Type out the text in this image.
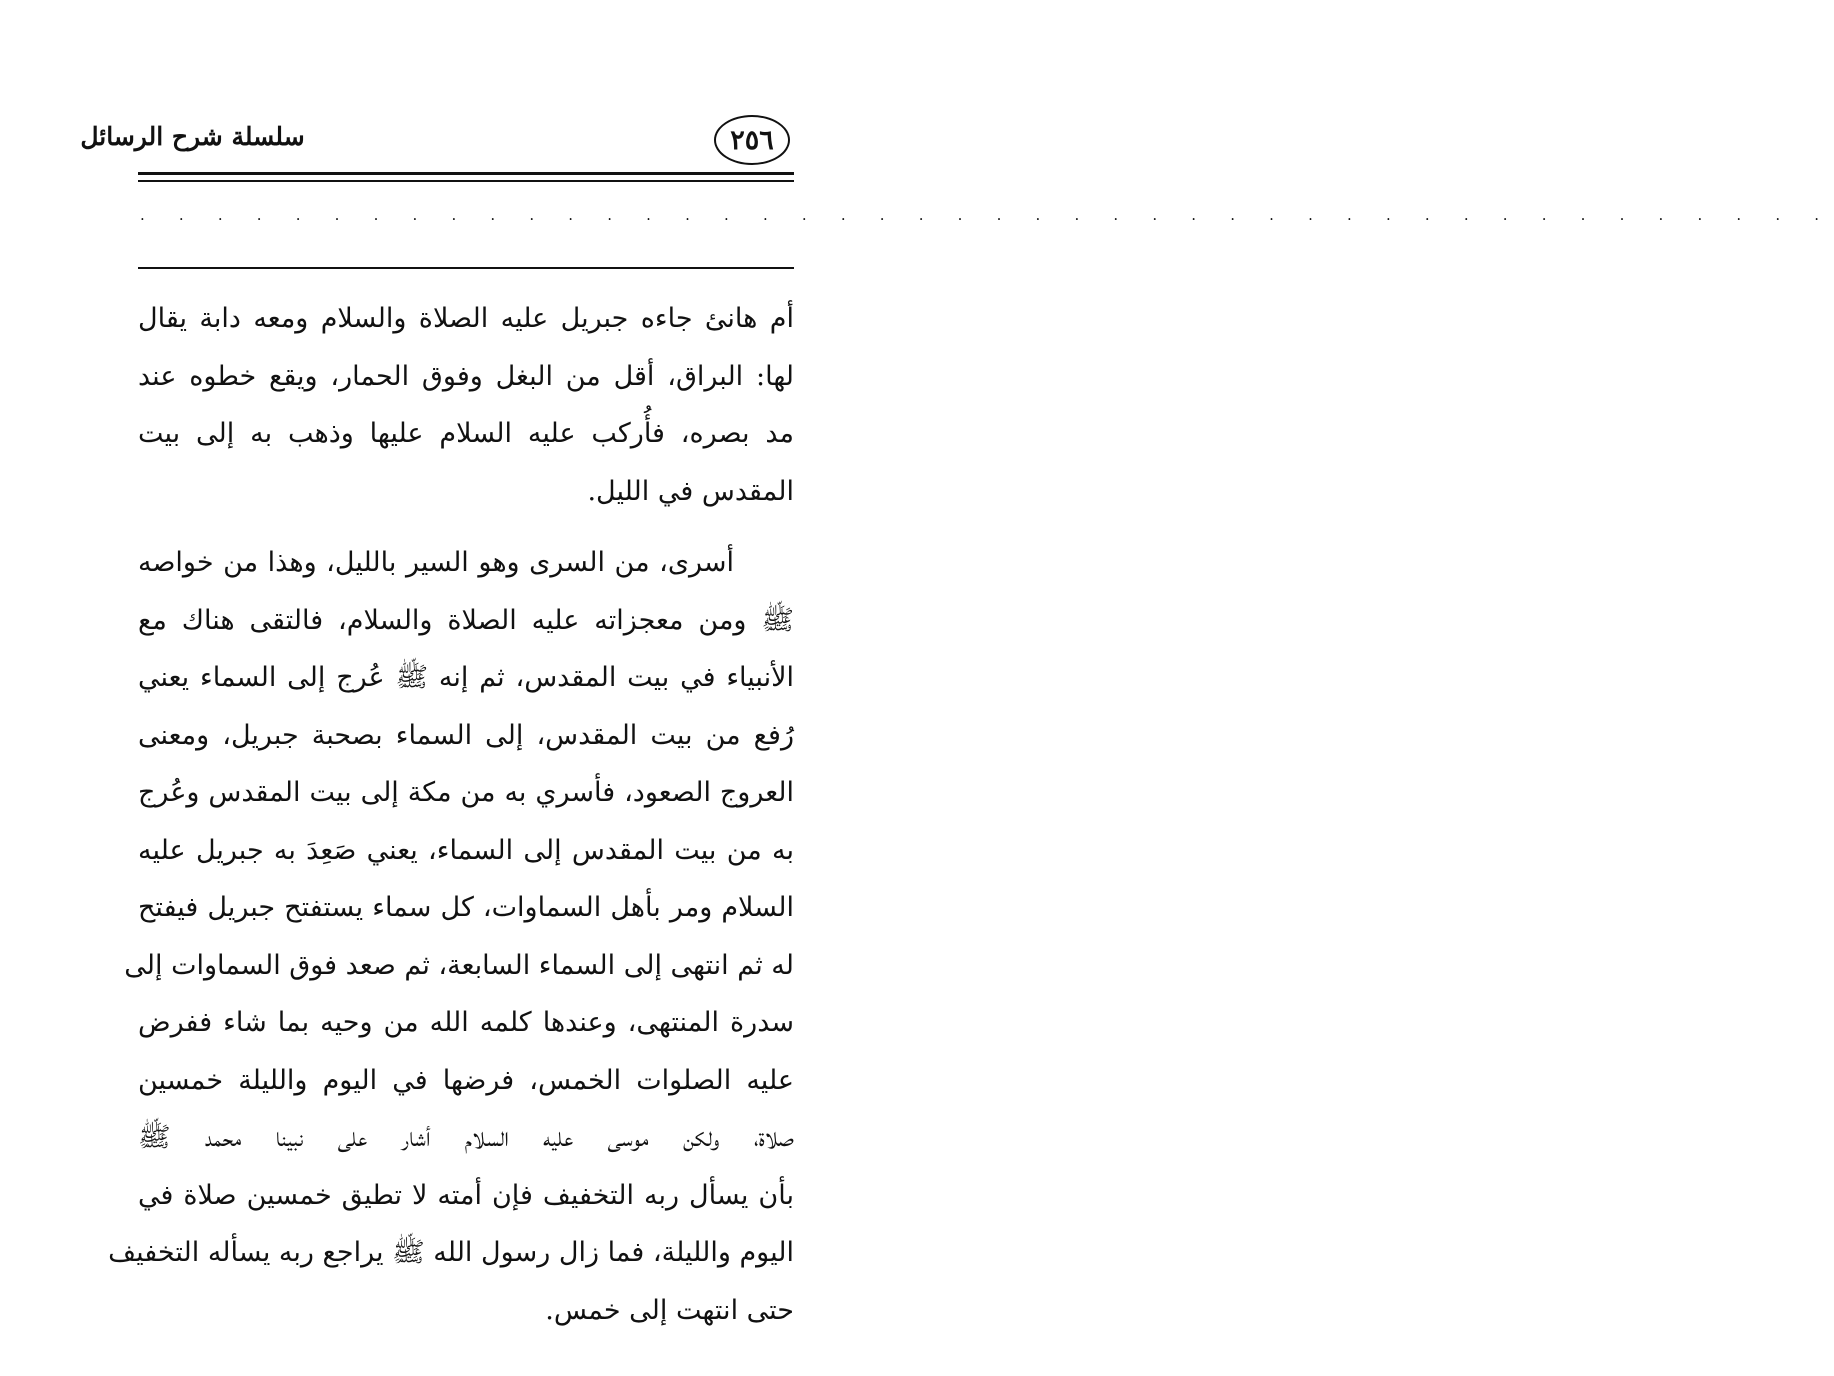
٢٥٦
سلسلة شرح الرسائل
. . . . . . . . . . . . . . . . . . . . . . . . . . . . . . . . . . . . . . . . . . . .
أم هانئ جاءه جبريل عليه الصلاة والسلام ومعه دابة يقال
لها: البراق، أقل من البغل وفوق الحمار، ويقع خطوه عند
مد بصره، فأُركب عليه السلام عليها وذهب به إلى بيت
المقدس في الليل.
أسرى، من السرى وهو السير بالليل، وهذا من خواصه
ﷺ ومن معجزاته عليه الصلاة والسلام، فالتقى هناك مع
الأنبياء في بيت المقدس، ثم إنه ﷺ عُرج إلى السماء يعني
رُفع من بيت المقدس، إلى السماء بصحبة جبريل، ومعنى
العروج الصعود، فأسري به من مكة إلى بيت المقدس وعُرج
به من بيت المقدس إلى السماء، يعني صَعِدَ به جبريل عليه
السلام ومر بأهل السماوات، كل سماء يستفتح جبريل فيفتح
له ثم انتهى إلى السماء السابعة، ثم صعد فوق السماوات إلى
سدرة المنتهى، وعندها كلمه الله من وحيه بما شاء ففرض
عليه الصلوات الخمس، فرضها في اليوم والليلة خمسين
صلاة، ولكن موسى عليه السلام أشار على نبينا محمد ﷺ
بأن يسأل ربه التخفيف فإن أمته لا تطيق خمسين صلاة في
اليوم والليلة، فما زال رسول الله ﷺ يراجع ربه يسأله التخفيف
حتى انتهت إلى خمس.
